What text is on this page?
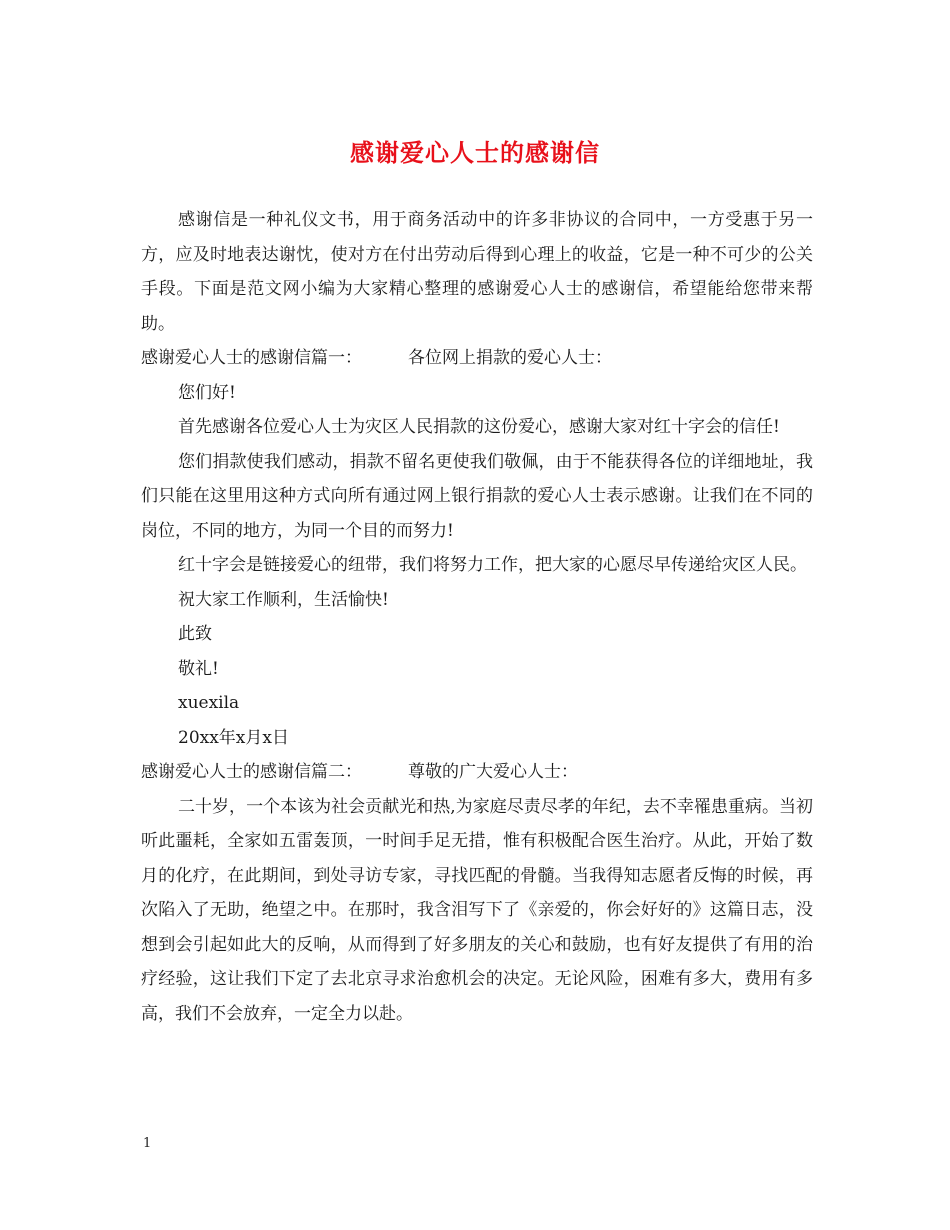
感谢爱心人士的感谢信

感谢信是一种礼仪文书，用于商务活动中的许多非协议的合同中，一方受惠于另一方，应及时地表达谢忱，使对方在付出劳动后得到心理上的收益，它是一种不可少的公关手段。下面是范文网小编为大家精心整理的感谢爱心人士的感谢信，希望能给您带来帮助。

感谢爱心人士的感谢信篇一：	各位网上捐款的爱心人士：

您们好!

首先感谢各位爱心人士为灾区人民捐款的这份爱心，感谢大家对红十字会的信任!

您们捐款使我们感动，捐款不留名更使我们敬佩，由于不能获得各位的详细地址，我们只能在这里用这种方式向所有通过网上银行捐款的爱心人士表示感谢。让我们在不同的岗位，不同的地方，为同一个目的而努力!

红十字会是链接爱心的纽带，我们将努力工作，把大家的心愿尽早传递给灾区人民。

祝大家工作顺利，生活愉快!

此致

敬礼!

xuexila

20xx年x月x日

感谢爱心人士的感谢信篇二：	尊敬的广大爱心人士：

二十岁，一个本该为社会贡献光和热,为家庭尽责尽孝的年纪，去不幸罹患重病。当初听此噩耗，全家如五雷轰顶，一时间手足无措，惟有积极配合医生治疗。从此，开始了数月的化疗，在此期间，到处寻访专家，寻找匹配的骨髓。当我得知志愿者反悔的时候，再次陷入了无助，绝望之中。在那时，我含泪写下了《亲爱的，你会好好的》这篇日志，没想到会引起如此大的反响，从而得到了好多朋友的关心和鼓励，也有好友提供了有用的治疗经验，这让我们下定了去北京寻求治愈机会的决定。无论风险，困难有多大，费用有多高，我们不会放弃，一定全力以赴。

1
